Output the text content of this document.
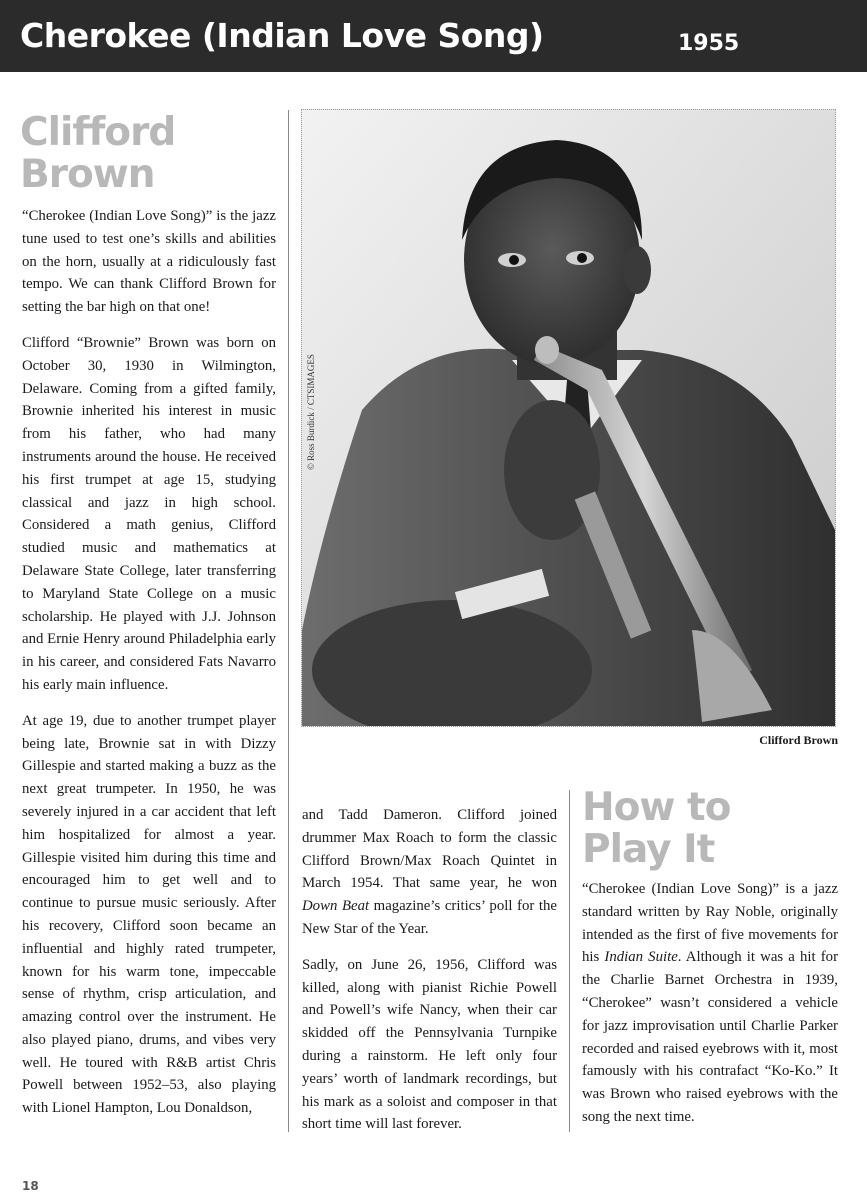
Cherokee (Indian Love Song)	1955
Clifford
Brown

“Cherokee (Indian Love Song)” is the jazz tune used to test one’s skills and abilities on the horn, usually at a ridiculously fast tempo. We can thank Clifford Brown for setting the bar high on that one!

Clifford “Brownie” Brown was born on October 30, 1930 in Wilmington, Delaware. Coming from a gifted family, Brownie inherited his interest in music from his father, who had many instruments around the house. He received his first trumpet at age 15, studying classical and jazz in high school. Considered a math genius, Clifford studied music and mathematics at Delaware State College, later transferring to Maryland State College on a music scholarship. He played with J.J. Johnson and Ernie Henry around Philadelphia early in his career, and considered Fats Navarro his early main influence.

At age 19, due to another trumpet player being late, Brownie sat in with Dizzy Gillespie and started making a buzz as the next great trumpeter. In 1950, he was severely injured in a car accident that left him hospitalized for almost a year. Gillespie visited him during this time and encouraged him to get well and to continue to pursue music seriously. After his recovery, Clifford soon became an influential and highly rated trumpeter, known for his warm tone, impeccable sense of rhythm, crisp articulation, and amazing control over the instrument. He also played piano, drums, and vibes very well. He toured with R&B artist Chris Powell between 1952–53, also playing with Lionel Hampton, Lou Donaldson,

© Ross Burdick / CTSIMAGES
Clifford Brown

and Tadd Dameron. Clifford joined drummer Max Roach to form the classic Clifford Brown/Max Roach Quintet in March 1954. That same year, he won Down Beat magazine’s critics’ poll for the New Star of the Year.

Sadly, on June 26, 1956, Clifford was killed, along with pianist Richie Powell and Powell’s wife Nancy, when their car skidded off the Pennsylvania Turnpike during a rainstorm. He left only four years’ worth of landmark recordings, but his mark as a soloist and composer in that short time will last forever.

How to
Play It

“Cherokee (Indian Love Song)” is a jazz standard written by Ray Noble, originally intended as the first of five movements for his Indian Suite. Although it was a hit for the Charlie Barnet Orchestra in 1939, “Cherokee” wasn’t considered a vehicle for jazz improvisation until Charlie Parker recorded and raised eyebrows with it, most famously with his contrafact “Ko-Ko.” It was Brown who raised eyebrows with the song the next time.

18
